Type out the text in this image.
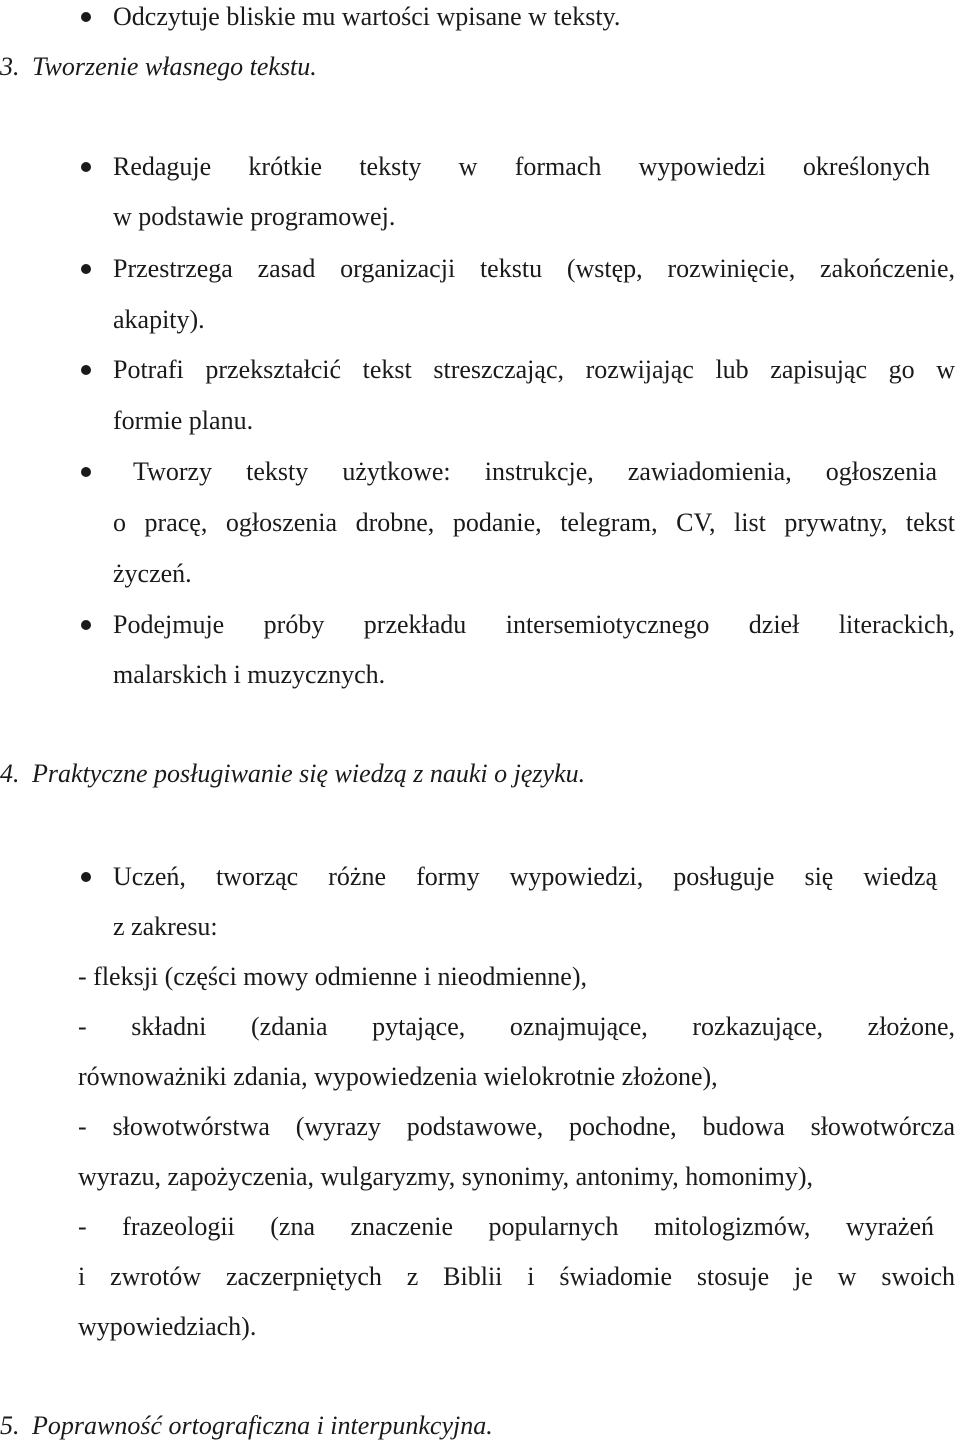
Odczytuje bliskie mu wartości wpisane w teksty.
3. Tworzenie własnego tekstu.
Redaguje krótkie teksty w formach wypowiedzi określonych
w podstawie programowej.
Przestrzega zasad organizacji tekstu (wstęp, rozwinięcie, zakończenie,
akapity).
Potrafi przekształcić tekst streszczając, rozwijając lub zapisując go w
formie planu.
Tworzy teksty użytkowe: instrukcje, zawiadomienia, ogłoszenia
o pracę, ogłoszenia drobne, podanie, telegram, CV, list prywatny, tekst
życzeń.
Podejmuje próby przekładu intersemiotycznego dzieł literackich,
malarskich i muzycznych.
4. Praktyczne posługiwanie się wiedzą z nauki o języku.
Uczeń, tworząc różne formy wypowiedzi, posługuje się wiedzą
z zakresu:
- fleksji (części mowy odmienne i nieodmienne),
- składni (zdania pytające, oznajmujące, rozkazujące, złożone,
równoważniki zdania, wypowiedzenia wielokrotnie złożone),
- słowotwórstwa (wyrazy podstawowe, pochodne, budowa słowotwórcza
wyrazu, zapożyczenia, wulgaryzmy, synonimy, antonimy, homonimy),
- frazeologii (zna znaczenie popularnych mitologizmów, wyrażeń
i zwrotów zaczerpniętych z Biblii i świadomie stosuje je w swoich
wypowiedziach).
5. Poprawność ortograficzna i interpunkcyjna.
